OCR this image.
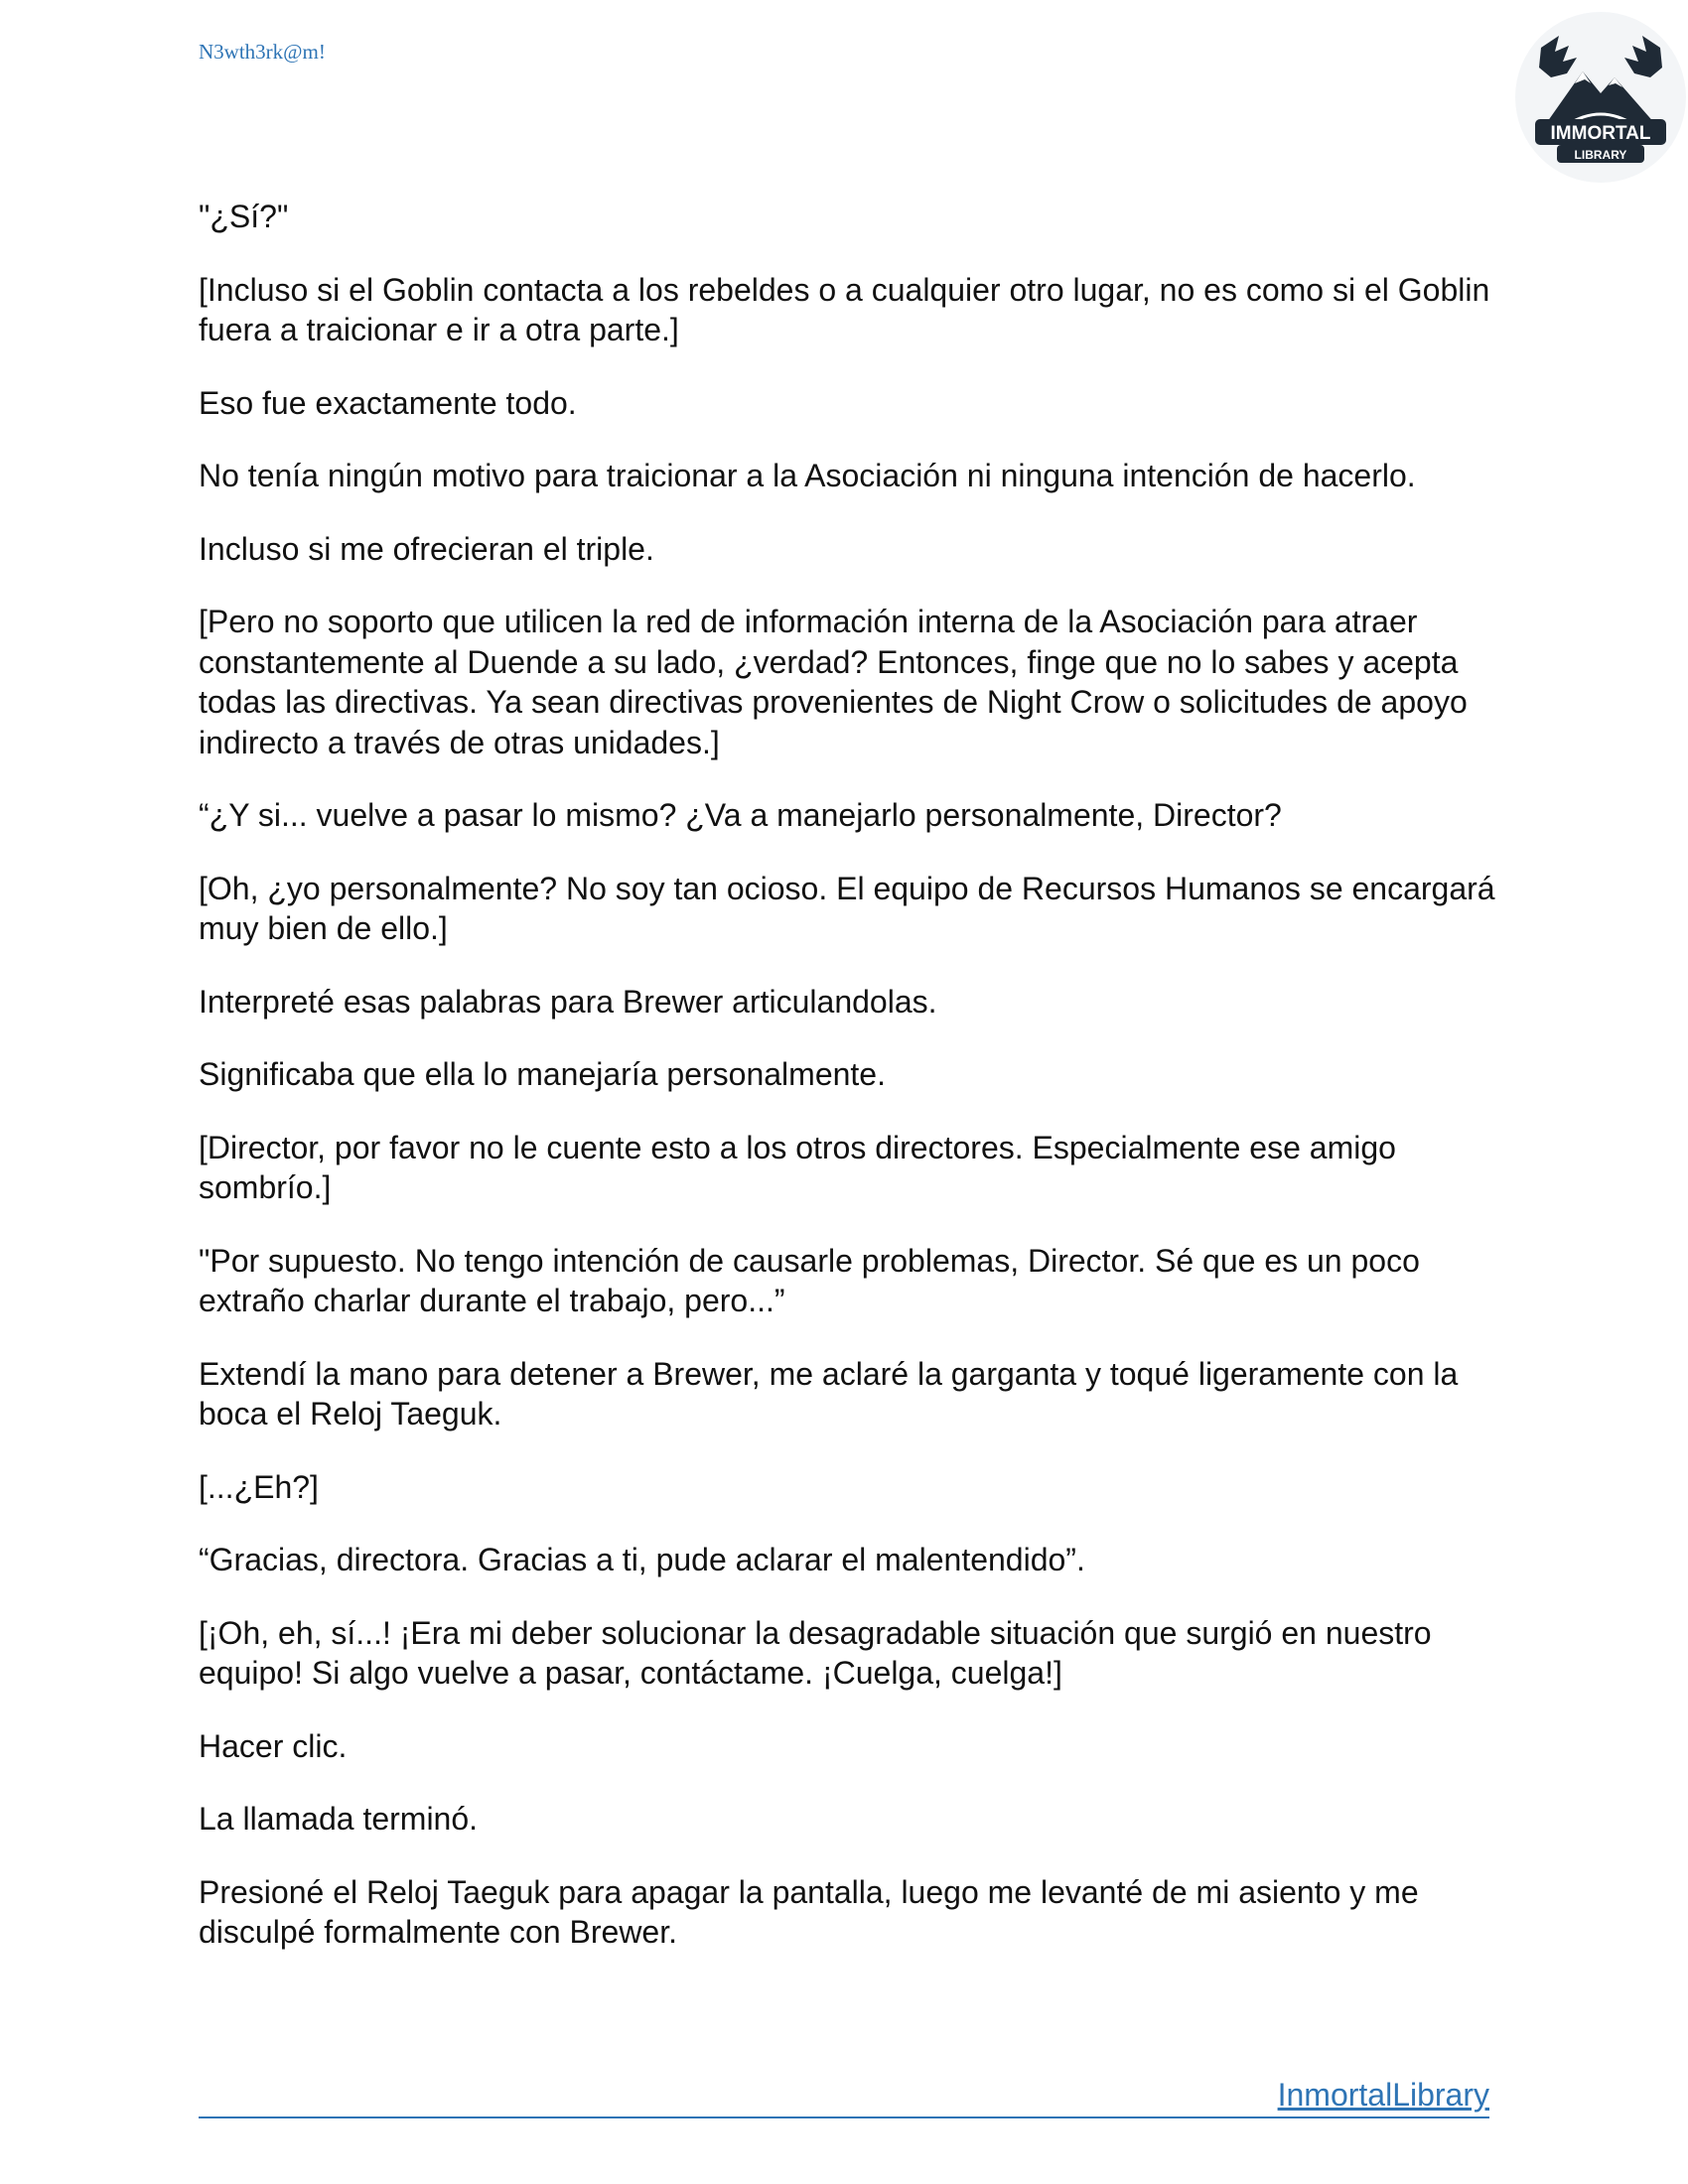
N3wth3rk@m!
IMMORTAL
LIBRARY

"¿Sí?"

[Incluso si el Goblin contacta a los rebeldes o a cualquier otro lugar, no es como si el Goblin fuera a traicionar e ir a otra parte.]

Eso fue exactamente todo.

No tenía ningún motivo para traicionar a la Asociación ni ninguna intención de hacerlo.

Incluso si me ofrecieran el triple.

[Pero no soporto que utilicen la red de información interna de la Asociación para atraer constantemente al Duende a su lado, ¿verdad? Entonces, finge que no lo sabes y acepta todas las directivas. Ya sean directivas provenientes de Night Crow o solicitudes de apoyo indirecto a través de otras unidades.]

“¿Y si... vuelve a pasar lo mismo? ¿Va a manejarlo personalmente, Director?

[Oh, ¿yo personalmente? No soy tan ocioso. El equipo de Recursos Humanos se encargará muy bien de ello.]

Interpreté esas palabras para Brewer articulandolas.

Significaba que ella lo manejaría personalmente.

[Director, por favor no le cuente esto a los otros directores. Especialmente ese amigo sombrío.]

"Por supuesto. No tengo intención de causarle problemas, Director. Sé que es un poco extraño charlar durante el trabajo, pero...”

Extendí la mano para detener a Brewer, me aclaré la garganta y toqué ligeramente con la boca el Reloj Taeguk.

[...¿Eh?]

“Gracias, directora. Gracias a ti, pude aclarar el malentendido”.

[¡Oh, eh, sí...! ¡Era mi deber solucionar la desagradable situación que surgió en nuestro equipo! Si algo vuelve a pasar, contáctame. ¡Cuelga, cuelga!]

Hacer clic.

La llamada terminó.

Presioné el Reloj Taeguk para apagar la pantalla, luego me levanté de mi asiento y me disculpé formalmente con Brewer.

InmortalLibrary
